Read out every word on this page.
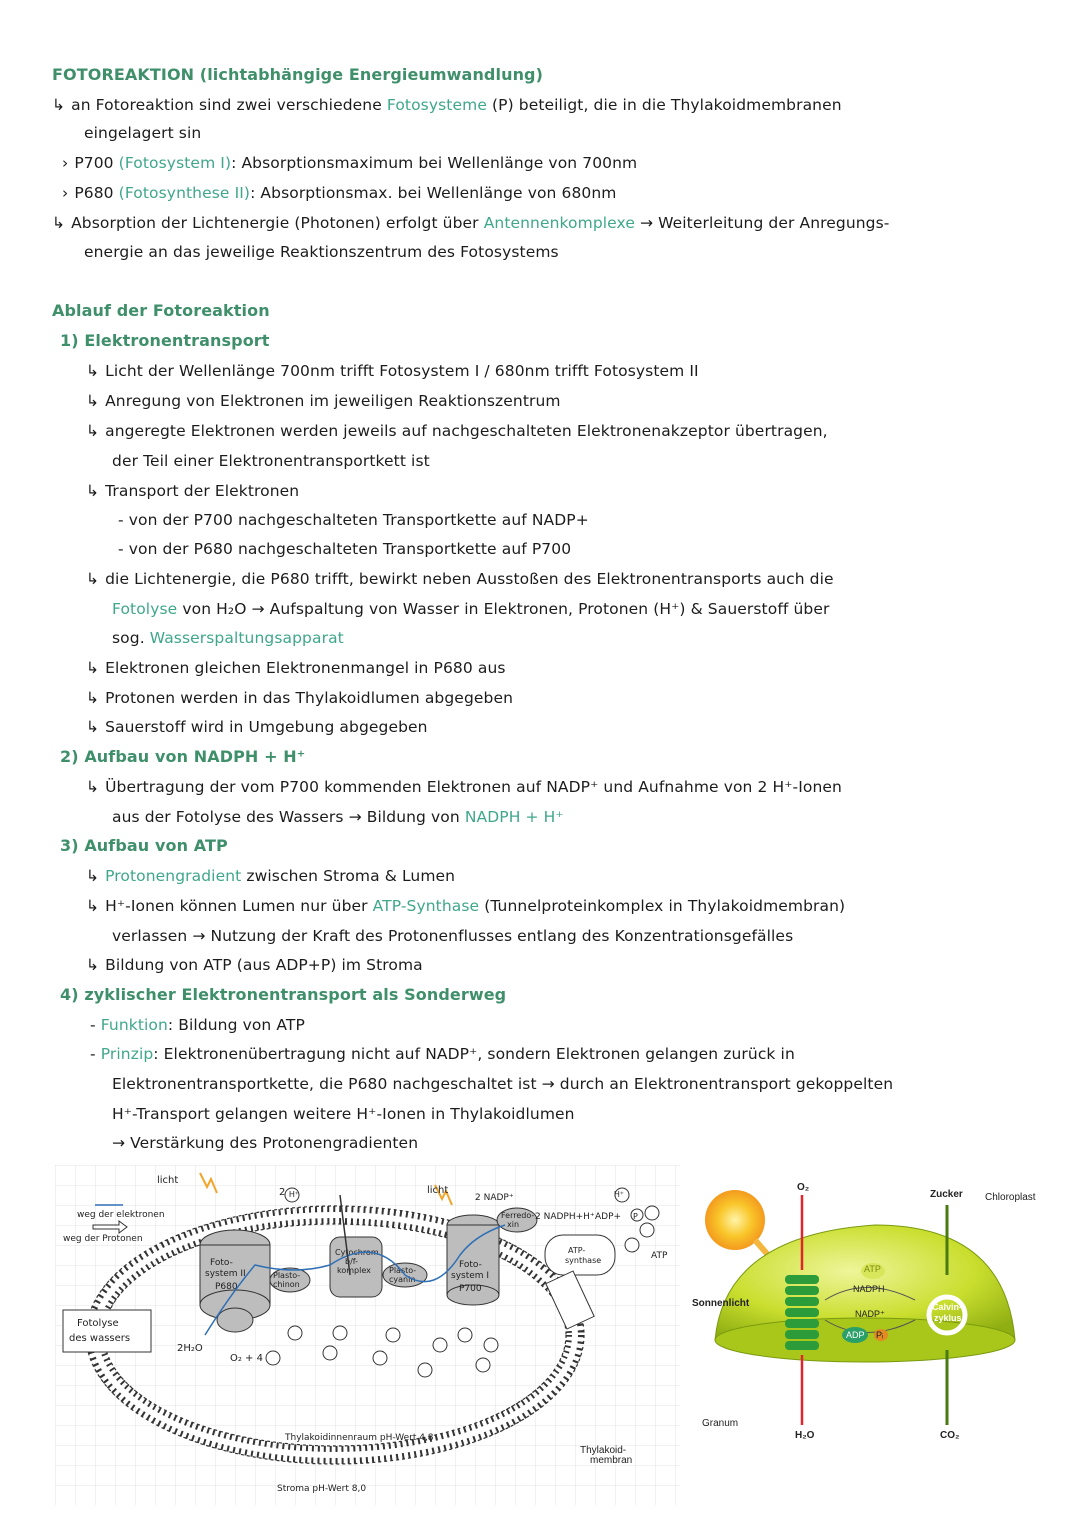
FOTOREAKTION (lichtabhängige Energieumwandlung)
↳ an Fotoreaktion sind zwei verschiedene Fotosysteme (P) beteiligt, die in die Thylakoidmembranen
eingelagert sin
› P700 (Fotosystem I): Absorptionsmaximum bei Wellenlänge von 700nm
› P680 (Fotosynthese II): Absorptionsmax. bei Wellenlänge von 680nm
↳ Absorption der Lichtenergie (Photonen) erfolgt über Antennenkomplexe → Weiterleitung der Anregungs-
energie an das jeweilige Reaktionszentrum des Fotosystems
Ablauf der Fotoreaktion
1) Elektronentransport
↳ Licht der Wellenlänge 700nm trifft Fotosystem I / 680nm trifft Fotosystem II
↳ Anregung von Elektronen im jeweiligen Reaktionszentrum
↳ angeregte Elektronen werden jeweils auf nachgeschalteten Elektronenakzeptor übertragen,
der Teil einer Elektronentransportkett ist
↳ Transport der Elektronen
- von der P700 nachgeschalteten Transportkette auf NADP+
- von der P680 nachgeschalteten Transportkette auf P700
↳ die Lichtenergie, die P680 trifft, bewirkt neben Ausstoßen des Elektronentransports auch die
Fotolyse von H₂O → Aufspaltung von Wasser in Elektronen, Protonen (H⁺) & Sauerstoff über
sog. Wasserspaltungsapparat
↳ Elektronen gleichen Elektronenmangel in P680 aus
↳ Protonen werden in das Thylakoidlumen abgegeben
↳ Sauerstoff wird in Umgebung abgegeben
2) Aufbau von NADPH + H⁺
↳ Übertragung der vom P700 kommenden Elektronen auf NADP⁺ und Aufnahme von 2 H⁺-Ionen
aus der Fotolyse des Wassers → Bildung von NADPH + H⁺
3) Aufbau von ATP
↳ Protonengradient zwischen Stroma & Lumen
↳ H⁺-Ionen können Lumen nur über ATP-Synthase (Tunnelproteinkomplex in Thylakoidmembran)
verlassen → Nutzung der Kraft des Protonenflusses entlang des Konzentrationsgefälles
↳ Bildung von ATP (aus ADP+P) im Stroma
4) zyklischer Elektronentransport als Sonderweg
- Funktion: Bildung von ATP
- Prinzip: Elektronenübertragung nicht auf NADP⁺, sondern Elektronen gelangen zurück in
Elektronentransportkette, die P680 nachgeschaltet ist → durch an Elektronentransport gekoppelten
H⁺-Transport gelangen weitere H⁺-Ionen in Thylakoidlumen
→ Verstärkung des Protonengradienten
Foto-
system II
P680
Plasto-
chinon
Cytochrom
b/f-
komplex Plasto-
cyanin
Foto-
system I
P700
Ferredo-
xin
ATP-
synthase
licht
licht
weg der elektronen
weg der Protonen
Fotolyse
des wassers
2H₂O
O₂ + 4
2	2 NADP⁺
2 NADPH+H⁺ ADP+ P
ATP
Thylakoidinnenraum pH-Wert 4,8
Stroma pH-Wert 8,0
H⁺	H⁺
Sonnenlicht
O₂
H₂O
Zucker Chloroplast
ATP
NADPH
NADP⁺
ADP Pᵢ
Calvin-
zyklus
Granum
Thylakoid-
membran
CO₂
